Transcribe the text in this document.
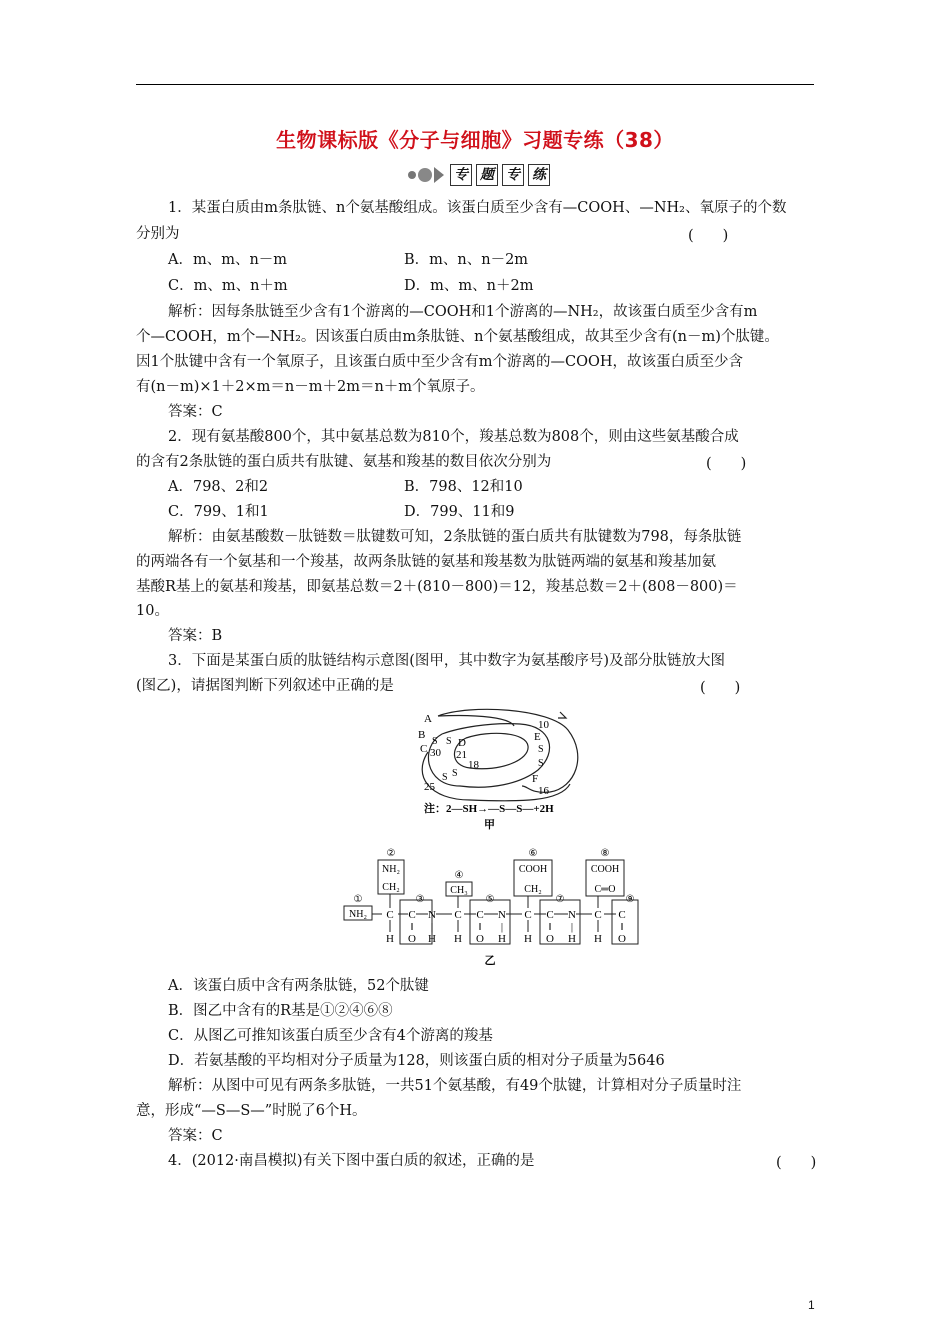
生物课标版《分子与细胞》习题专练（38）
专 题 专 练
1．某蛋白质由m条肽链、n个氨基酸组成。该蛋白质至少含有—COOH、—NH₂、氧原子的个数
分别为	(　　)
A．m、m、n－m	B．m、n、n－2m
C．m、m、n＋m	D．m、m、n＋2m
解析：因每条肽链至少含有1个游离的—COOH和1个游离的—NH₂，故该蛋白质至少含有m
个—COOH，m个—NH₂。因该蛋白质由m条肽链、n个氨基酸组成，故其至少含有(n－m)个肽键。
因1个肽键中含有一个氧原子，且该蛋白质中至少含有m个游离的—COOH，故该蛋白质至少含
有(n－m)×1＋2×m＝n－m＋2m＝n＋m个氧原子。
答案：C
2．现有氨基酸800个，其中氨基总数为810个，羧基总数为808个，则由这些氨基酸合成
的含有2条肽链的蛋白质共有肽键、氨基和羧基的数目依次分别为	(　　)
A．798、2和2	B．798、12和10
C．799、1和1	D．799、11和9
解析：由氨基酸数－肽链数＝肽键数可知，2条肽链的蛋白质共有肽键数为798，每条肽链
的两端各有一个氨基和一个羧基，故两条肽链的氨基和羧基数为肽链两端的氨基和羧基加氨
基酸R基上的氨基和羧基，即氨基总数＝2＋(810－800)＝12，羧基总数＝2＋(808－800)＝
10。
答案：B
3．下面是某蛋白质的肽链结构示意图(图甲，其中数字为氨基酸序号)及部分肽链放大图
(图乙)，请据图判断下列叙述中正确的是	(　　)
A
B
C	D	E
F
30 21
18
25
10
16
S S
S
S
S S
注：2—SH→—S—S—+2H
甲
①
②
③
④
⑤
⑥
⑦
⑧
⑨
NH₂
NH₂
CH₂	CH₃
COOH
CH₂
COOH
C═O
C C N C C N C C N C C
H O H H O H H O H H O
‖	‖	‖	‖
|	|	|
乙
A．该蛋白质中含有两条肽链，52个肽键
B．图乙中含有的R基是①②④⑥⑧
C．从图乙可推知该蛋白质至少含有4个游离的羧基
D．若氨基酸的平均相对分子质量为128，则该蛋白质的相对分子质量为5646
解析：从图中可见有两条多肽链，一共51个氨基酸，有49个肽键，计算相对分子质量时注
意，形成“—S—S—”时脱了6个H。
答案：C
4．(2012·南昌模拟)有关下图中蛋白质的叙述，正确的是	(　　)
1
